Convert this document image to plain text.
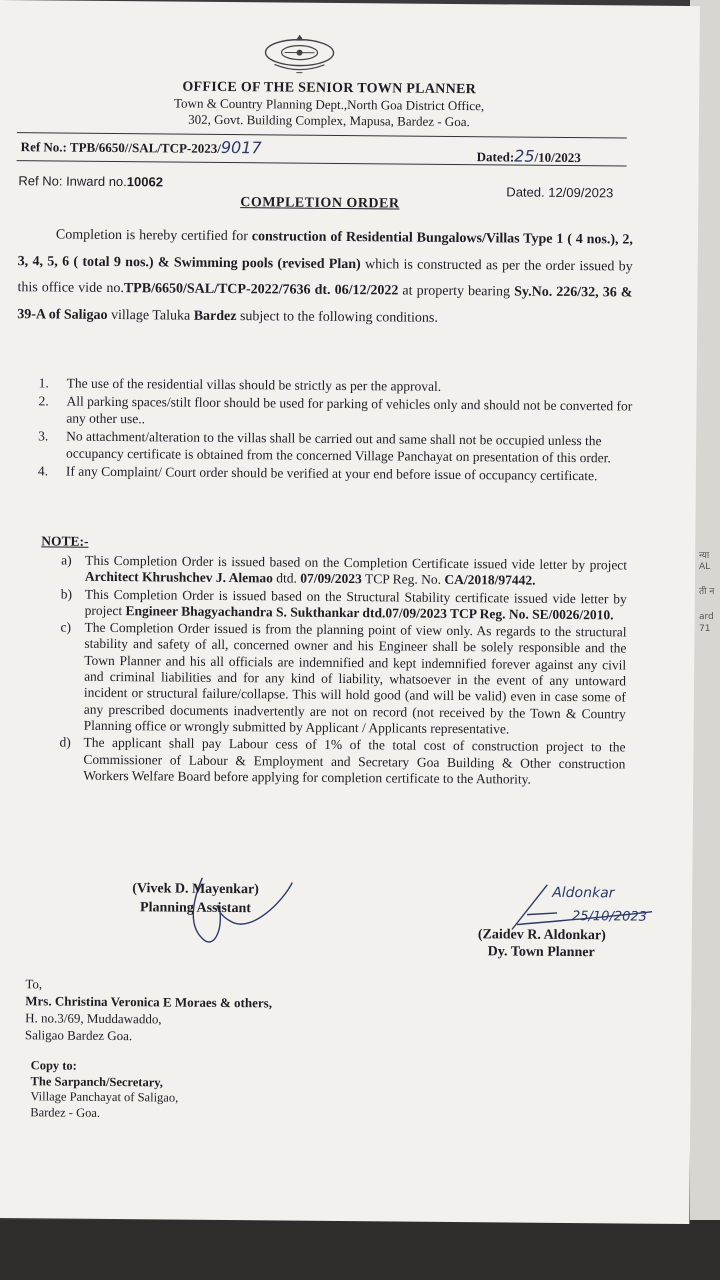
न्या
AL
ती न
ard
71
OFFICE OF THE SENIOR TOWN PLANNER
Town & Country Planning Dept.,North Goa District Office,
302, Govt. Building Complex, Mapusa, Bardez - Goa.
Ref No.: TPB/6650//SAL/TCP-2023/9017	Dated:25/10/2023
Ref No: Inward no.10062
Dated. 12/09/2023
COMPLETION ORDER

Completion is hereby certified for construction of Residential Bungalows/Villas Type 1 ( 4 nos.), 2, 3, 4, 5, 6 ( total 9 nos.) & Swimming pools (revised Plan) which is constructed as per the order issued by this office vide no.TPB/6650/SAL/TCP-2022/7636 dt. 06/12/2022 at property bearing Sy.No. 226/32, 36 & 39-A of Saligao village Taluka Bardez subject to the following conditions.

1.	The use of the residential villas should be strictly as per the approval.
2.	All parking spaces/stilt floor should be used for parking of vehicles only and should not be converted for any other use..
3.	No attachment/alteration to the villas shall be carried out and same shall not be occupied unless the occupancy certificate is obtained from the concerned Village Panchayat on presentation of this order.
4.	If any Complaint/ Court order should be verified at your end before issue of occupancy certificate.
NOTE:-
a) This Completion Order is issued based on the Completion Certificate issued vide letter by project Architect Khrushchev J. Alemao dtd. 07/09/2023 TCP Reg. No. CA/2018/97442.
b) This Completion Order is issued based on the Structural Stability certificate issued vide letter by project Engineer Bhagyachandra S. Sukthankar dtd.07/09/2023 TCP Reg. No. SE/0026/2010.
c) The Completion Order issued is from the planning point of view only. As regards to the structural stability and safety of all, concerned owner and his Engineer shall be solely responsible and the Town Planner and his all officials are indemnified and kept indemnified forever against any civil and criminal liabilities and for any kind of liability, whatsoever in the event of any untoward incident or structural failure/collapse. This will hold good (and will be valid) even in case some of any prescribed documents inadvertently are not on record (not received by the Town & Country Planning office or wrongly submitted by Applicant / Applicants representative.
d) The applicant shall pay Labour cess of 1% of the total cost of construction project to the Commissioner of Labour & Employment and Secretary Goa Building & Other construction Workers Welfare Board before applying for completion certificate to the Authority.
(Vivek D. Mayenkar)
Planning Assistant
Aldonkar
25/10/2023
(Zaidev R. Aldonkar)
Dy. Town Planner
To,
Mrs. Christina Veronica E Moraes & others,
H. no.3/69, Muddawaddo,
Saligao Bardez Goa.
Copy to:
The Sarpanch/Secretary,
Village Panchayat of Saligao,
Bardez - Goa.
